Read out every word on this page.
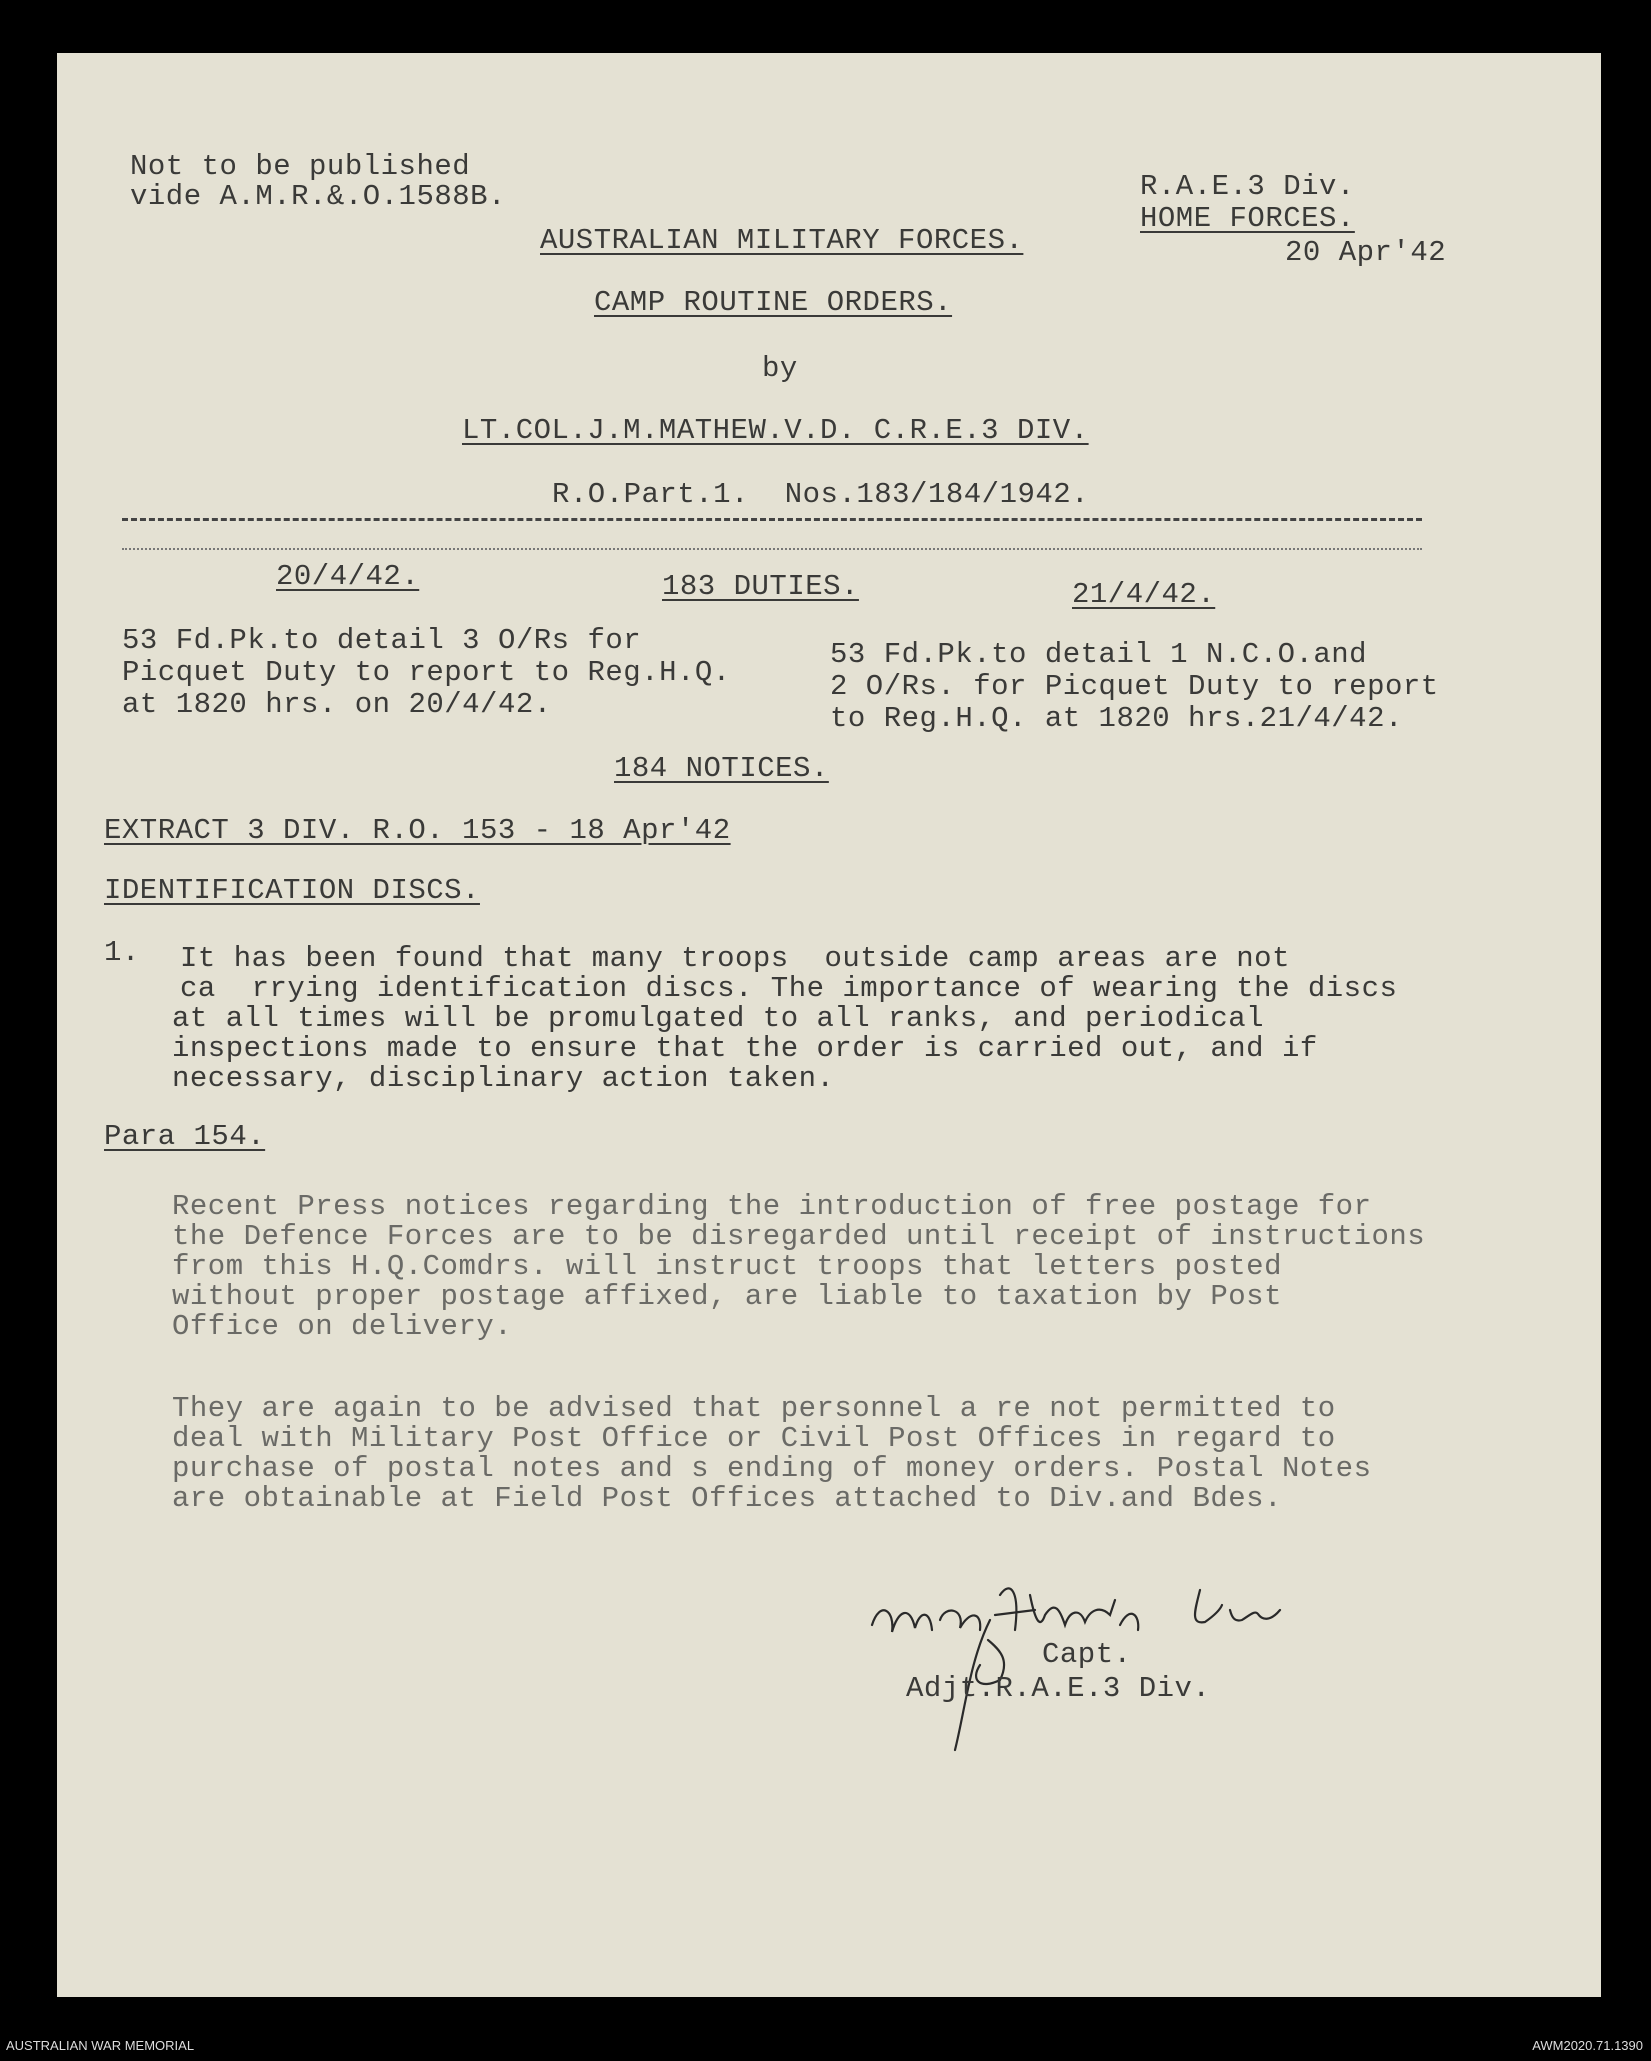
Not to be published
vide A.M.R.&.O.1588B.	R.A.E.3 Div.
HOME FORCES.
20 Apr'42
AUSTRALIAN MILITARY FORCES.
CAMP ROUTINE ORDERS.
by
LT.COL.J.M.MATHEW.V.D. C.R.E.3 DIV.
R.O.Part.1.  Nos.183/184/1942.
20/4/42.	183 DUTIES.	21/4/42.
53 Fd.Pk.to detail 3 O/Rs for
Picquet Duty to report to Reg.H.Q.
at 1820 hrs. on 20/4/42.
53 Fd.Pk.to detail 1 N.C.O.and
2 O/Rs. for Picquet Duty to report
to Reg.H.Q. at 1820 hrs.21/4/42.
184 NOTICES.
EXTRACT 3 DIV. R.O. 153 - 18 Apr'42
IDENTIFICATION DISCS.
1. It has been found that many troops  outside camp areas are not
ca  rrying identification discs. The importance of wearing the discs
at all times will be promulgated to all ranks, and periodical
inspections made to ensure that the order is carried out, and if
necessary, disciplinary action taken.
Para 154.
Recent Press notices regarding the introduction of free postage for
the Defence Forces are to be disregarded until receipt of instructions
from this H.Q.Comdrs. will instruct troops that letters posted
without proper postage affixed, are liable to taxation by Post
Office on delivery.
They are again to be advised that personnel a re not permitted to
deal with Military Post Office or Civil Post Offices in regard to
purchase of postal notes and s ending of money orders. Postal Notes
are obtainable at Field Post Offices attached to Div.and Bdes.
Capt.
Adjt.R.A.E.3 Div.
AUSTRALIAN WAR MEMORIAL	AWM2020.71.1390
